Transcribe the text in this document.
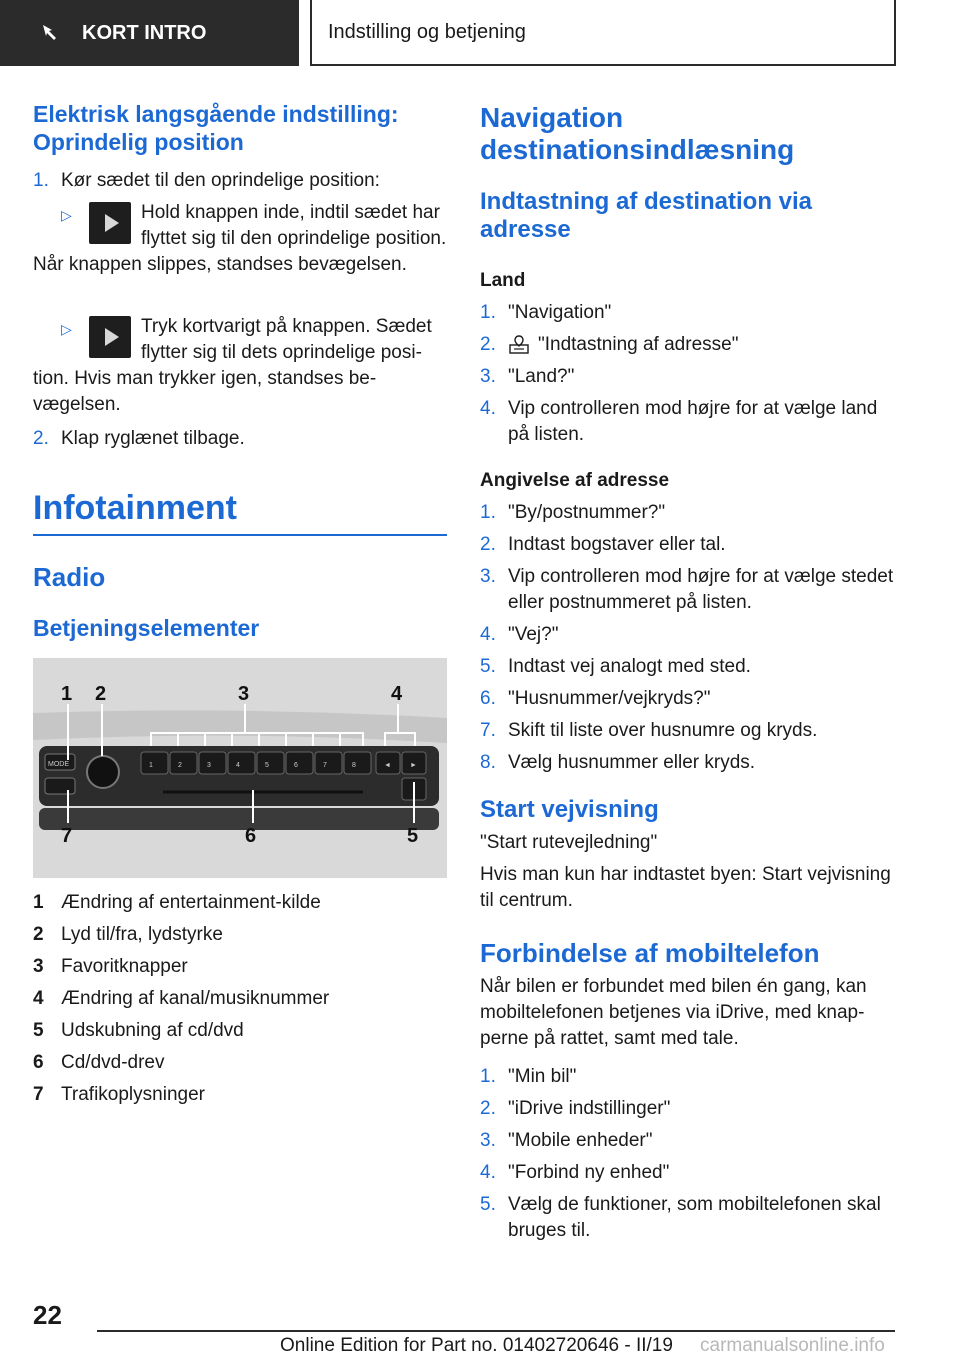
KORT INTRO	Indstilling og betjening
Elektrisk langsgående indstilling:
Oprindelig position
1. Kør sædet til den oprindelige position:
▷	Hold knappen inde, indtil sædet har flyttet sig til den oprindelige position. Når knappen slippes, standses bevægelsen.
▷	Tryk kortvarigt på knappen. Sædet flytter sig til dets oprindelige position. Hvis man trykker igen, standses bevægelsen.
2. Klap ryglænet tilbage.
Infotainment
Radio
Betjeningselementer
MODE	1	2	3	4	5	6	7	8	◄	►
1 2	3	4
5
6
7
1 Ændring af entertainment-kilde
2 Lyd til/fra, lydstyrke
3 Favoritknapper
4 Ændring af kanal/musiknummer
5 Udskubning af cd/dvd
6 Cd/dvd-drev
7 Trafikoplysninger
Navigation
destinationsindlæsning
Indtastning af destination via
adresse
Land
1. "Navigation"
2.	"Indtastning af adresse"
3. "Land?"
4. Vip controlleren mod højre for at vælge land på listen.
Angivelse af adresse
1. "By/postnummer?"
2. Indtast bogstaver eller tal.
3. Vip controlleren mod højre for at vælge stedet eller postnummeret på listen.
4. "Vej?"
5. Indtast vej analogt med sted.
6. "Husnummer/vejkryds?"
7. Skift til liste over husnumre og kryds.
8. Vælg husnummer eller kryds.
Start vejvisning
"Start rutevejledning"
Hvis man kun har indtastet byen: Start vejvisning til centrum.
Forbindelse af mobiltelefon
Når bilen er forbundet med bilen én gang, kan mobiltelefonen betjenes via iDrive, med knapperne på rattet, samt med tale.
1. "Min bil"
2. "iDrive indstillinger"
3. "Mobile enheder"
4. "Forbind ny enhed"
5. Vælg de funktioner, som mobiltelefonen skal bruges til.
22
Online Edition for Part no. 01402720646 - II/19 carmanualsonline.info
